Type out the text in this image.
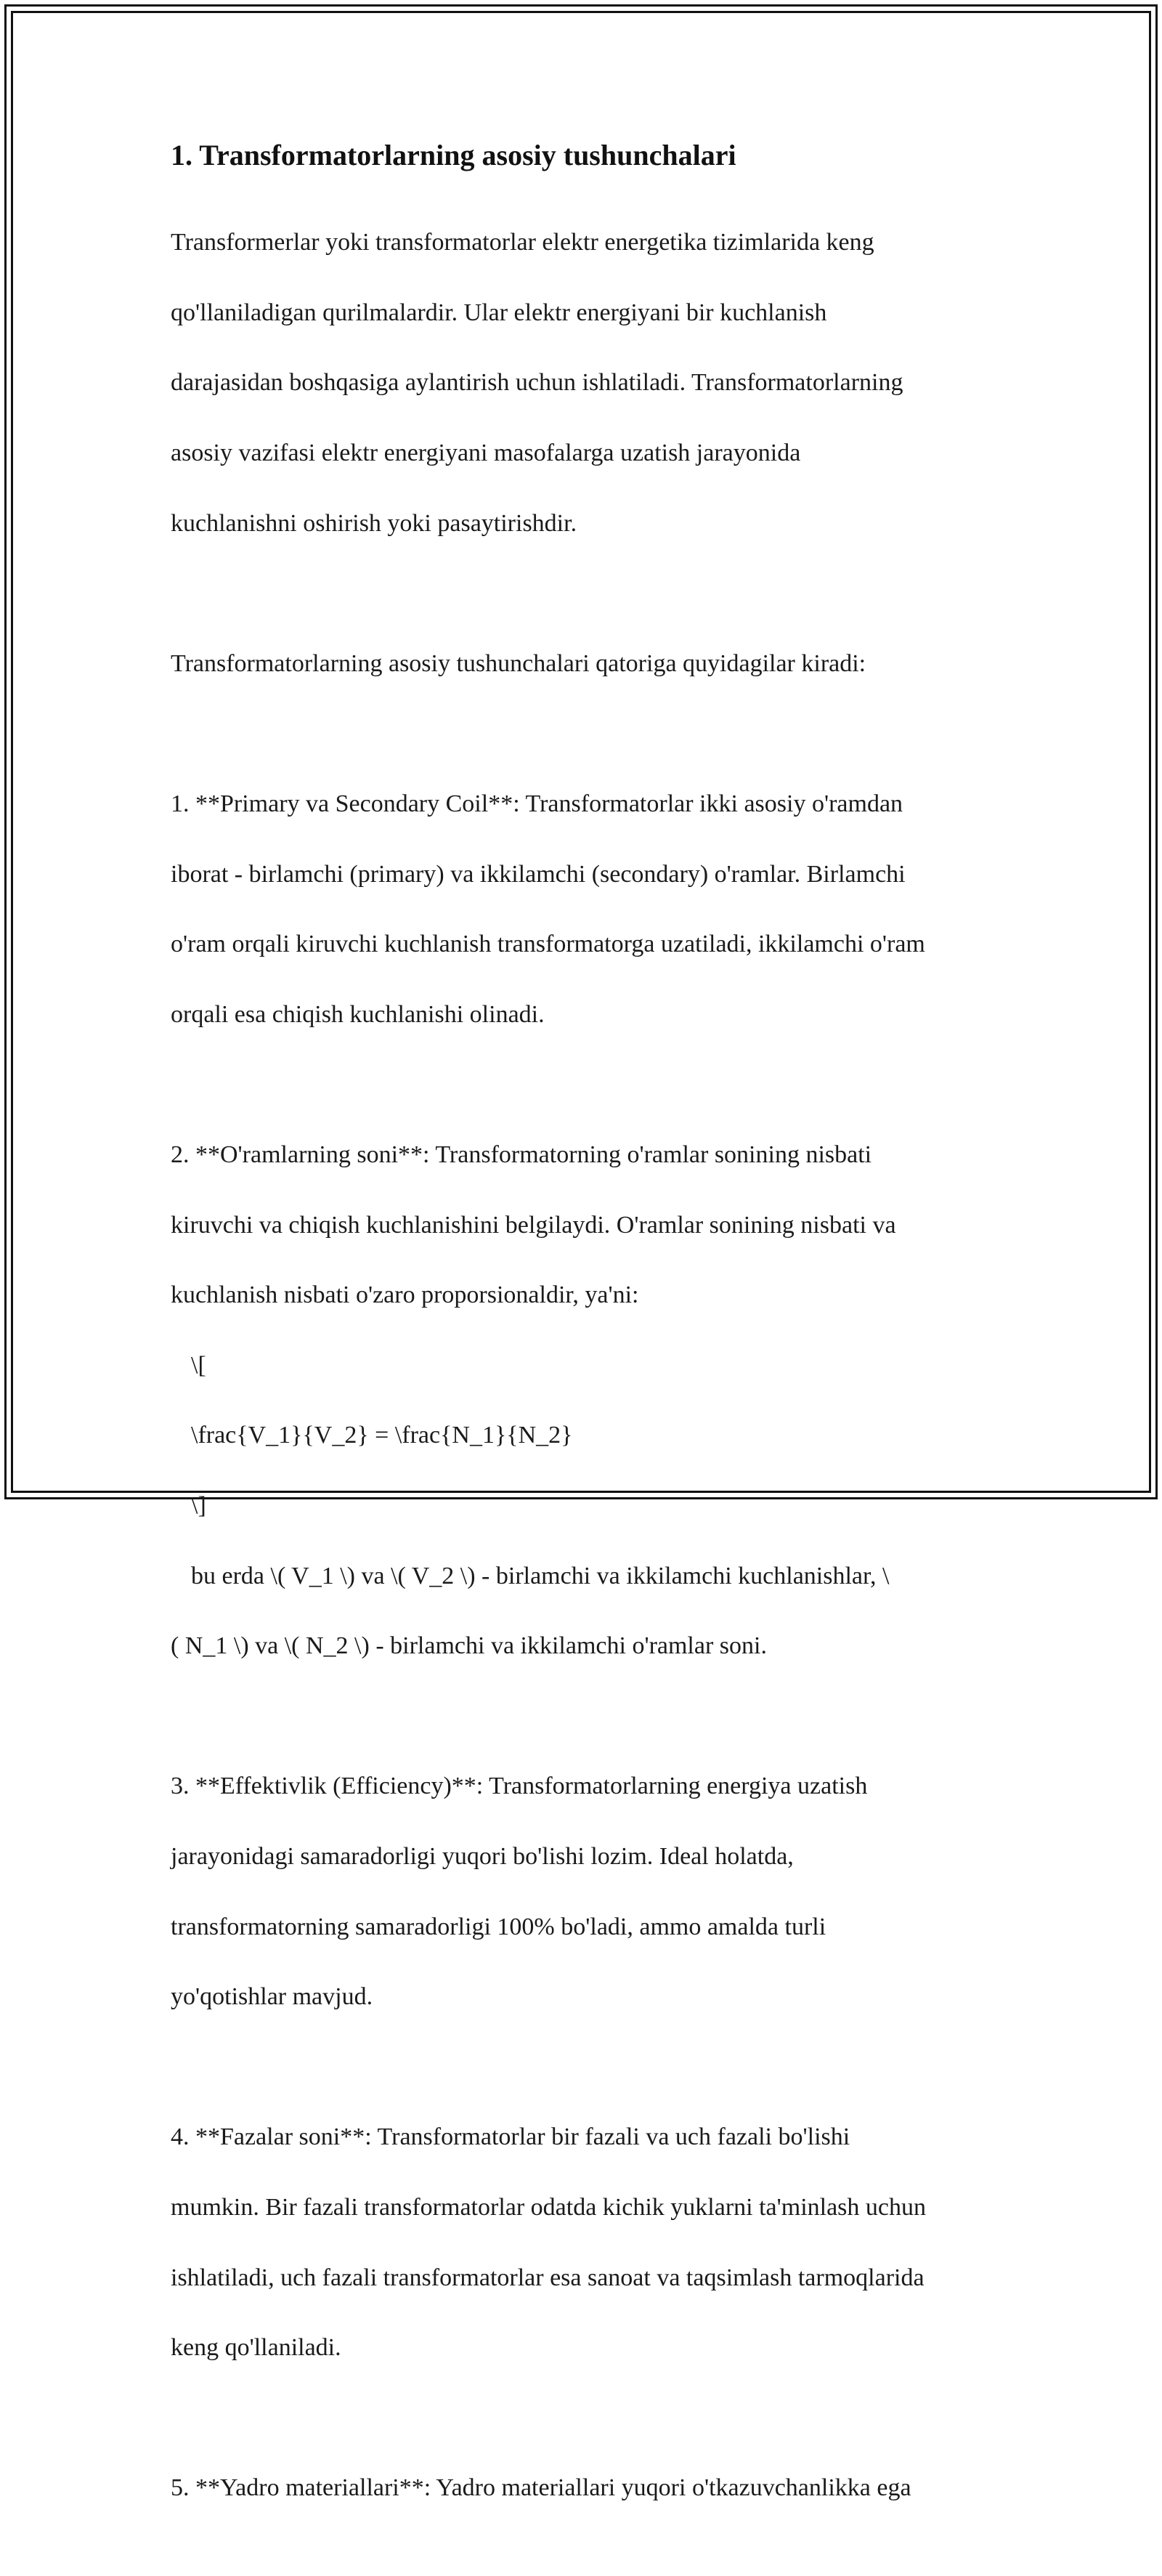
1. Transformatorlarning asosiy tushunchalari

Transformerlar yoki transformatorlar elektr energetika tizimlarida keng

qo'llaniladigan qurilmalardir. Ular elektr energiyani bir kuchlanish

darajasidan boshqasiga aylantirish uchun ishlatiladi. Transformatorlarning

asosiy vazifasi elektr energiyani masofalarga uzatish jarayonida

kuchlanishni oshirish yoki pasaytirishdir.

Transformatorlarning asosiy tushunchalari qatoriga quyidagilar kiradi:

1. **Primary va Secondary Coil**: Transformatorlar ikki asosiy o'ramdan

iborat - birlamchi (primary) va ikkilamchi (secondary) o'ramlar. Birlamchi

o'ram orqali kiruvchi kuchlanish transformatorga uzatiladi, ikkilamchi o'ram

orqali esa chiqish kuchlanishi olinadi.

2. **O'ramlarning soni**: Transformatorning o'ramlar sonining nisbati

kiruvchi va chiqish kuchlanishini belgilaydi. O'ramlar sonining nisbati va

kuchlanish nisbati o'zaro proporsionaldir, ya'ni:

\[

\frac{V_1}{V_2} = \frac{N_1}{N_2}

\]

bu erda \( V_1 \) va \( V_2 \) - birlamchi va ikkilamchi kuchlanishlar, \

( N_1 \) va \( N_2 \) - birlamchi va ikkilamchi o'ramlar soni.

3. **Effektivlik (Efficiency)**: Transformatorlarning energiya uzatish

jarayonidagi samaradorligi yuqori bo'lishi lozim. Ideal holatda,

transformatorning samaradorligi 100% bo'ladi, ammo amalda turli

yo'qotishlar mavjud.

4. **Fazalar soni**: Transformatorlar bir fazali va uch fazali bo'lishi

mumkin. Bir fazali transformatorlar odatda kichik yuklarni ta'minlash uchun

ishlatiladi, uch fazali transformatorlar esa sanoat va taqsimlash tarmoqlarida

keng qo'llaniladi.

5. **Yadro materiallari**: Yadro materiallari yuqori o'tkazuvchanlikka ega
